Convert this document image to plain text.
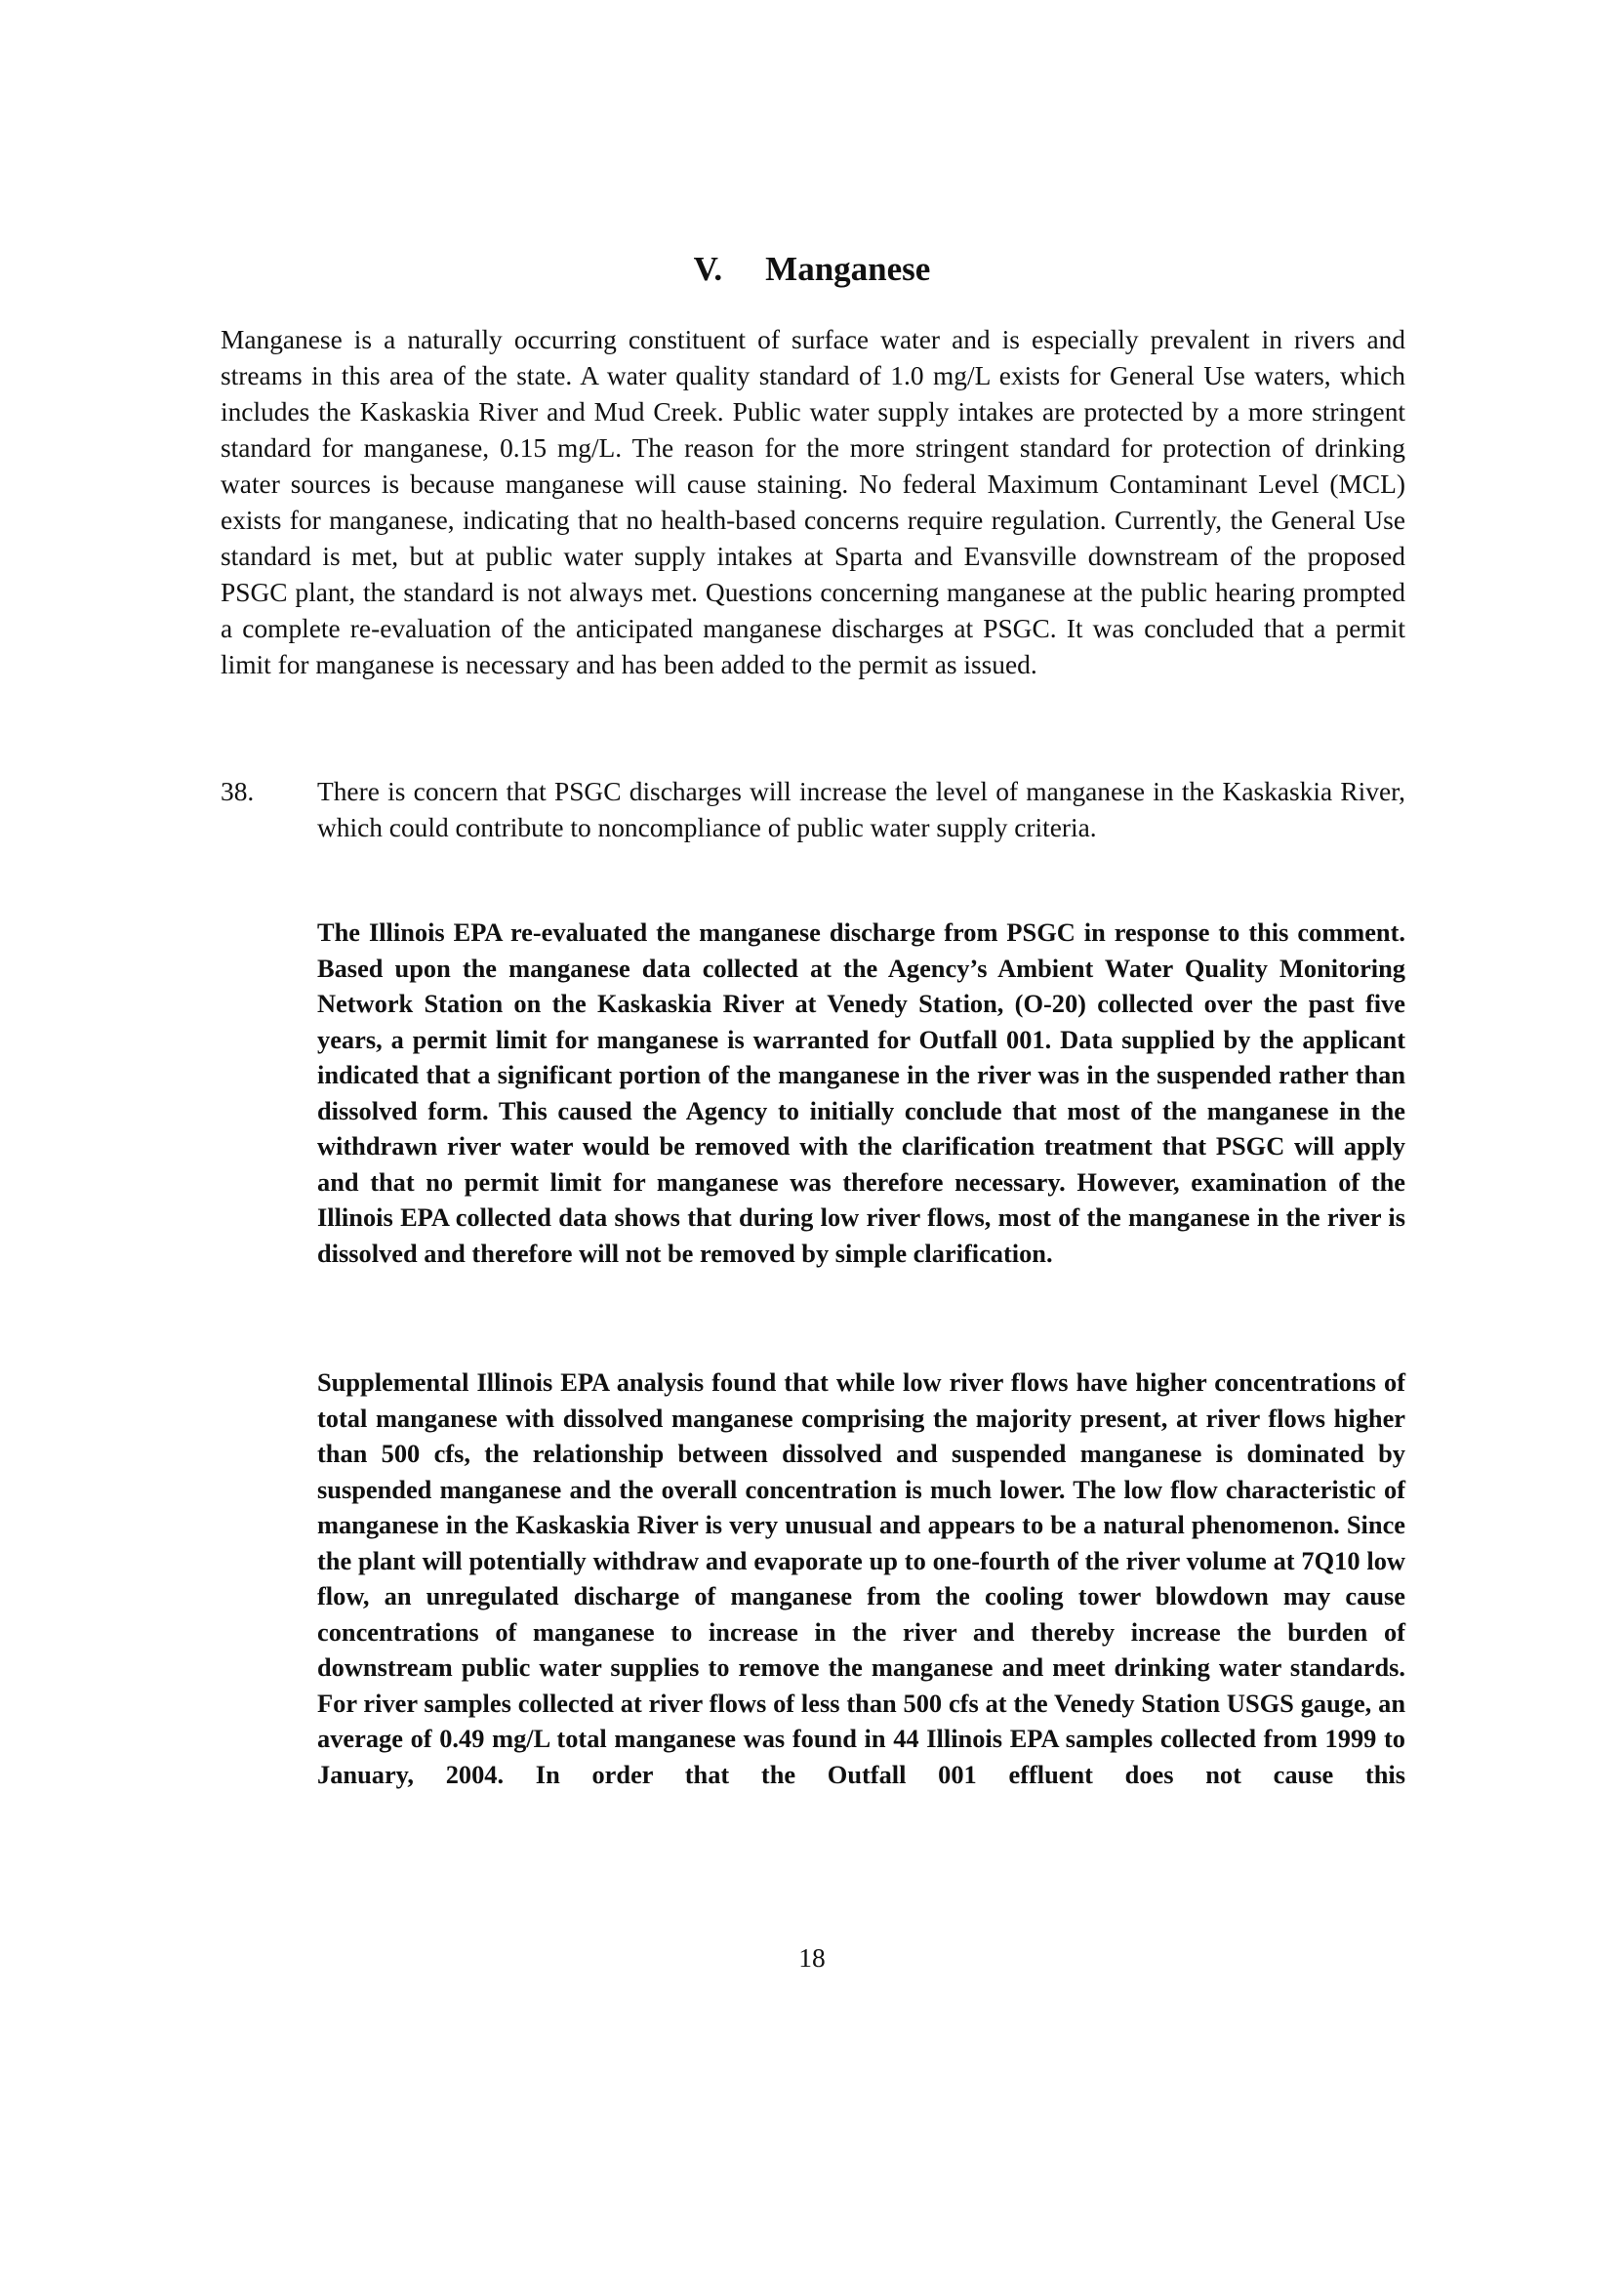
V. Manganese

Manganese is a naturally occurring constituent of surface water and is especially prevalent in rivers and streams in this area of the state. A water quality standard of 1.0 mg/L exists for General Use waters, which includes the Kaskaskia River and Mud Creek. Public water supply intakes are protected by a more stringent standard for manganese, 0.15 mg/L. The reason for the more stringent standard for protection of drinking water sources is because manganese will cause staining. No federal Maximum Contaminant Level (MCL) exists for manganese, indicating that no health-based concerns require regulation. Currently, the General Use standard is met, but at public water supply intakes at Sparta and Evansville downstream of the proposed PSGC plant, the standard is not always met. Questions concerning manganese at the public hearing prompted a complete re-evaluation of the anticipated manganese discharges at PSGC. It was concluded that a permit limit for manganese is necessary and has been added to the permit as issued.

38. There is concern that PSGC discharges will increase the level of manganese in the Kaskaskia River, which could contribute to noncompliance of public water supply criteria.

The Illinois EPA re-evaluated the manganese discharge from PSGC in response to this comment. Based upon the manganese data collected at the Agency’s Ambient Water Quality Monitoring Network Station on the Kaskaskia River at Venedy Station, (O-20) collected over the past five years, a permit limit for manganese is warranted for Outfall 001. Data supplied by the applicant indicated that a significant portion of the manganese in the river was in the suspended rather than dissolved form. This caused the Agency to initially conclude that most of the manganese in the withdrawn river water would be removed with the clarification treatment that PSGC will apply and that no permit limit for manganese was therefore necessary. However, examination of the Illinois EPA collected data shows that during low river flows, most of the manganese in the river is dissolved and therefore will not be removed by simple clarification.

Supplemental Illinois EPA analysis found that while low river flows have higher concentrations of total manganese with dissolved manganese comprising the majority present, at river flows higher than 500 cfs, the relationship between dissolved and suspended manganese is dominated by suspended manganese and the overall concentration is much lower. The low flow characteristic of manganese in the Kaskaskia River is very unusual and appears to be a natural phenomenon. Since the plant will potentially withdraw and evaporate up to one-fourth of the river volume at 7Q10 low flow, an unregulated discharge of manganese from the cooling tower blowdown may cause concentrations of manganese to increase in the river and thereby increase the burden of downstream public water supplies to remove the manganese and meet drinking water standards. For river samples collected at river flows of less than 500 cfs at the Venedy Station USGS gauge, an average of 0.49 mg/L total manganese was found in 44 Illinois EPA samples collected from 1999 to January, 2004. In order that the Outfall 001 effluent does not cause this

18
